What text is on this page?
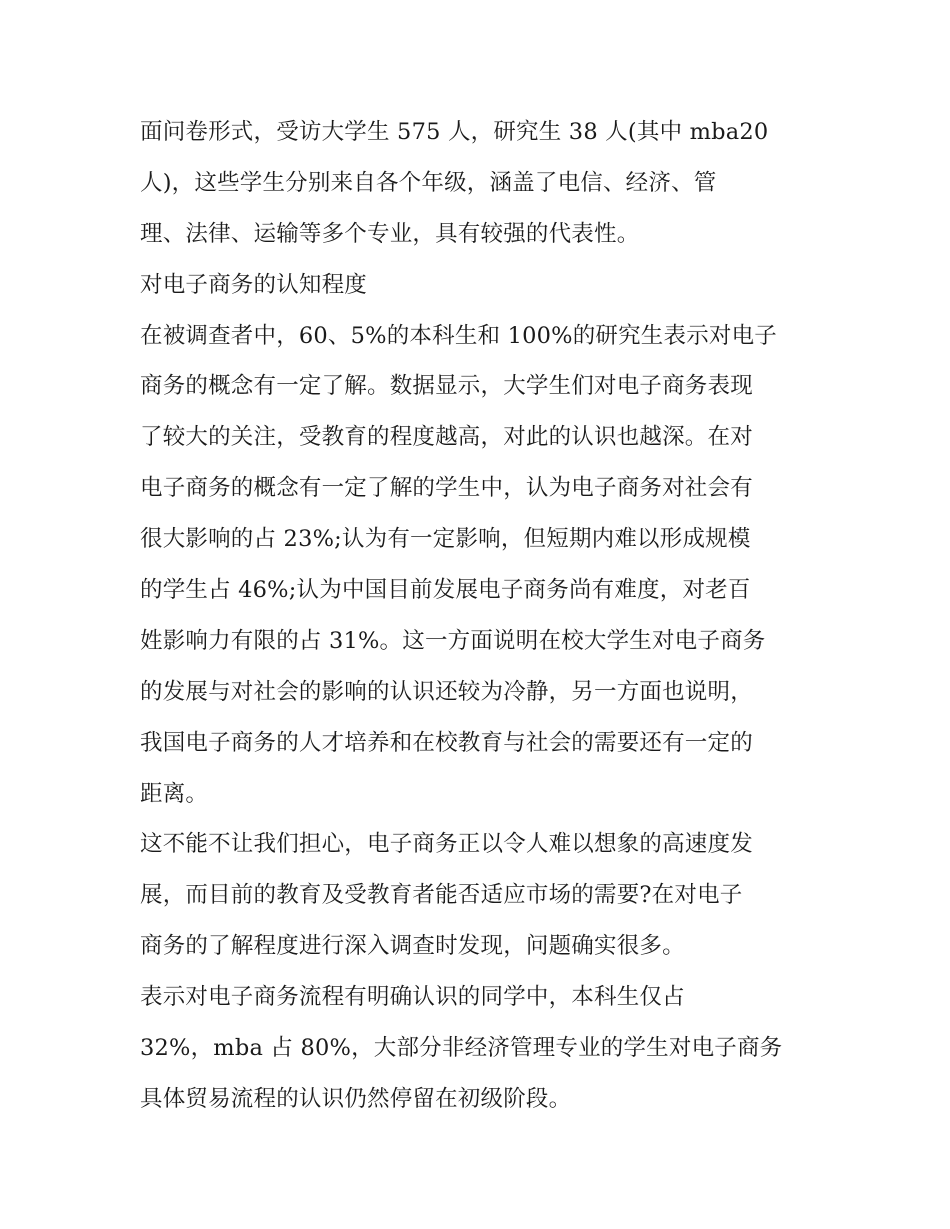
面问卷形式，受访大学生 575 人，研究生 38 人(其中 mba20
人)，这些学生分别来自各个年级，涵盖了电信、经济、管
理、法律、运输等多个专业，具有较强的代表性。
对电子商务的认知程度
在被调查者中，60、5%的本科生和 100%的研究生表示对电子
商务的概念有一定了解。数据显示，大学生们对电子商务表现
了较大的关注，受教育的程度越高，对此的认识也越深。在对
电子商务的概念有一定了解的学生中，认为电子商务对社会有
很大影响的占 23%;认为有一定影响，但短期内难以形成规模
的学生占 46%;认为中国目前发展电子商务尚有难度，对老百
姓影响力有限的占 31%。这一方面说明在校大学生对电子商务
的发展与对社会的影响的认识还较为冷静，另一方面也说明，
我国电子商务的人才培养和在校教育与社会的需要还有一定的
距离。
这不能不让我们担心，电子商务正以令人难以想象的高速度发
展，而目前的教育及受教育者能否适应市场的需要?在对电子
商务的了解程度进行深入调查时发现，问题确实很多。
表示对电子商务流程有明确认识的同学中，本科生仅占
32%，mba 占 80%，大部分非经济管理专业的学生对电子商务
具体贸易流程的认识仍然停留在初级阶段。
